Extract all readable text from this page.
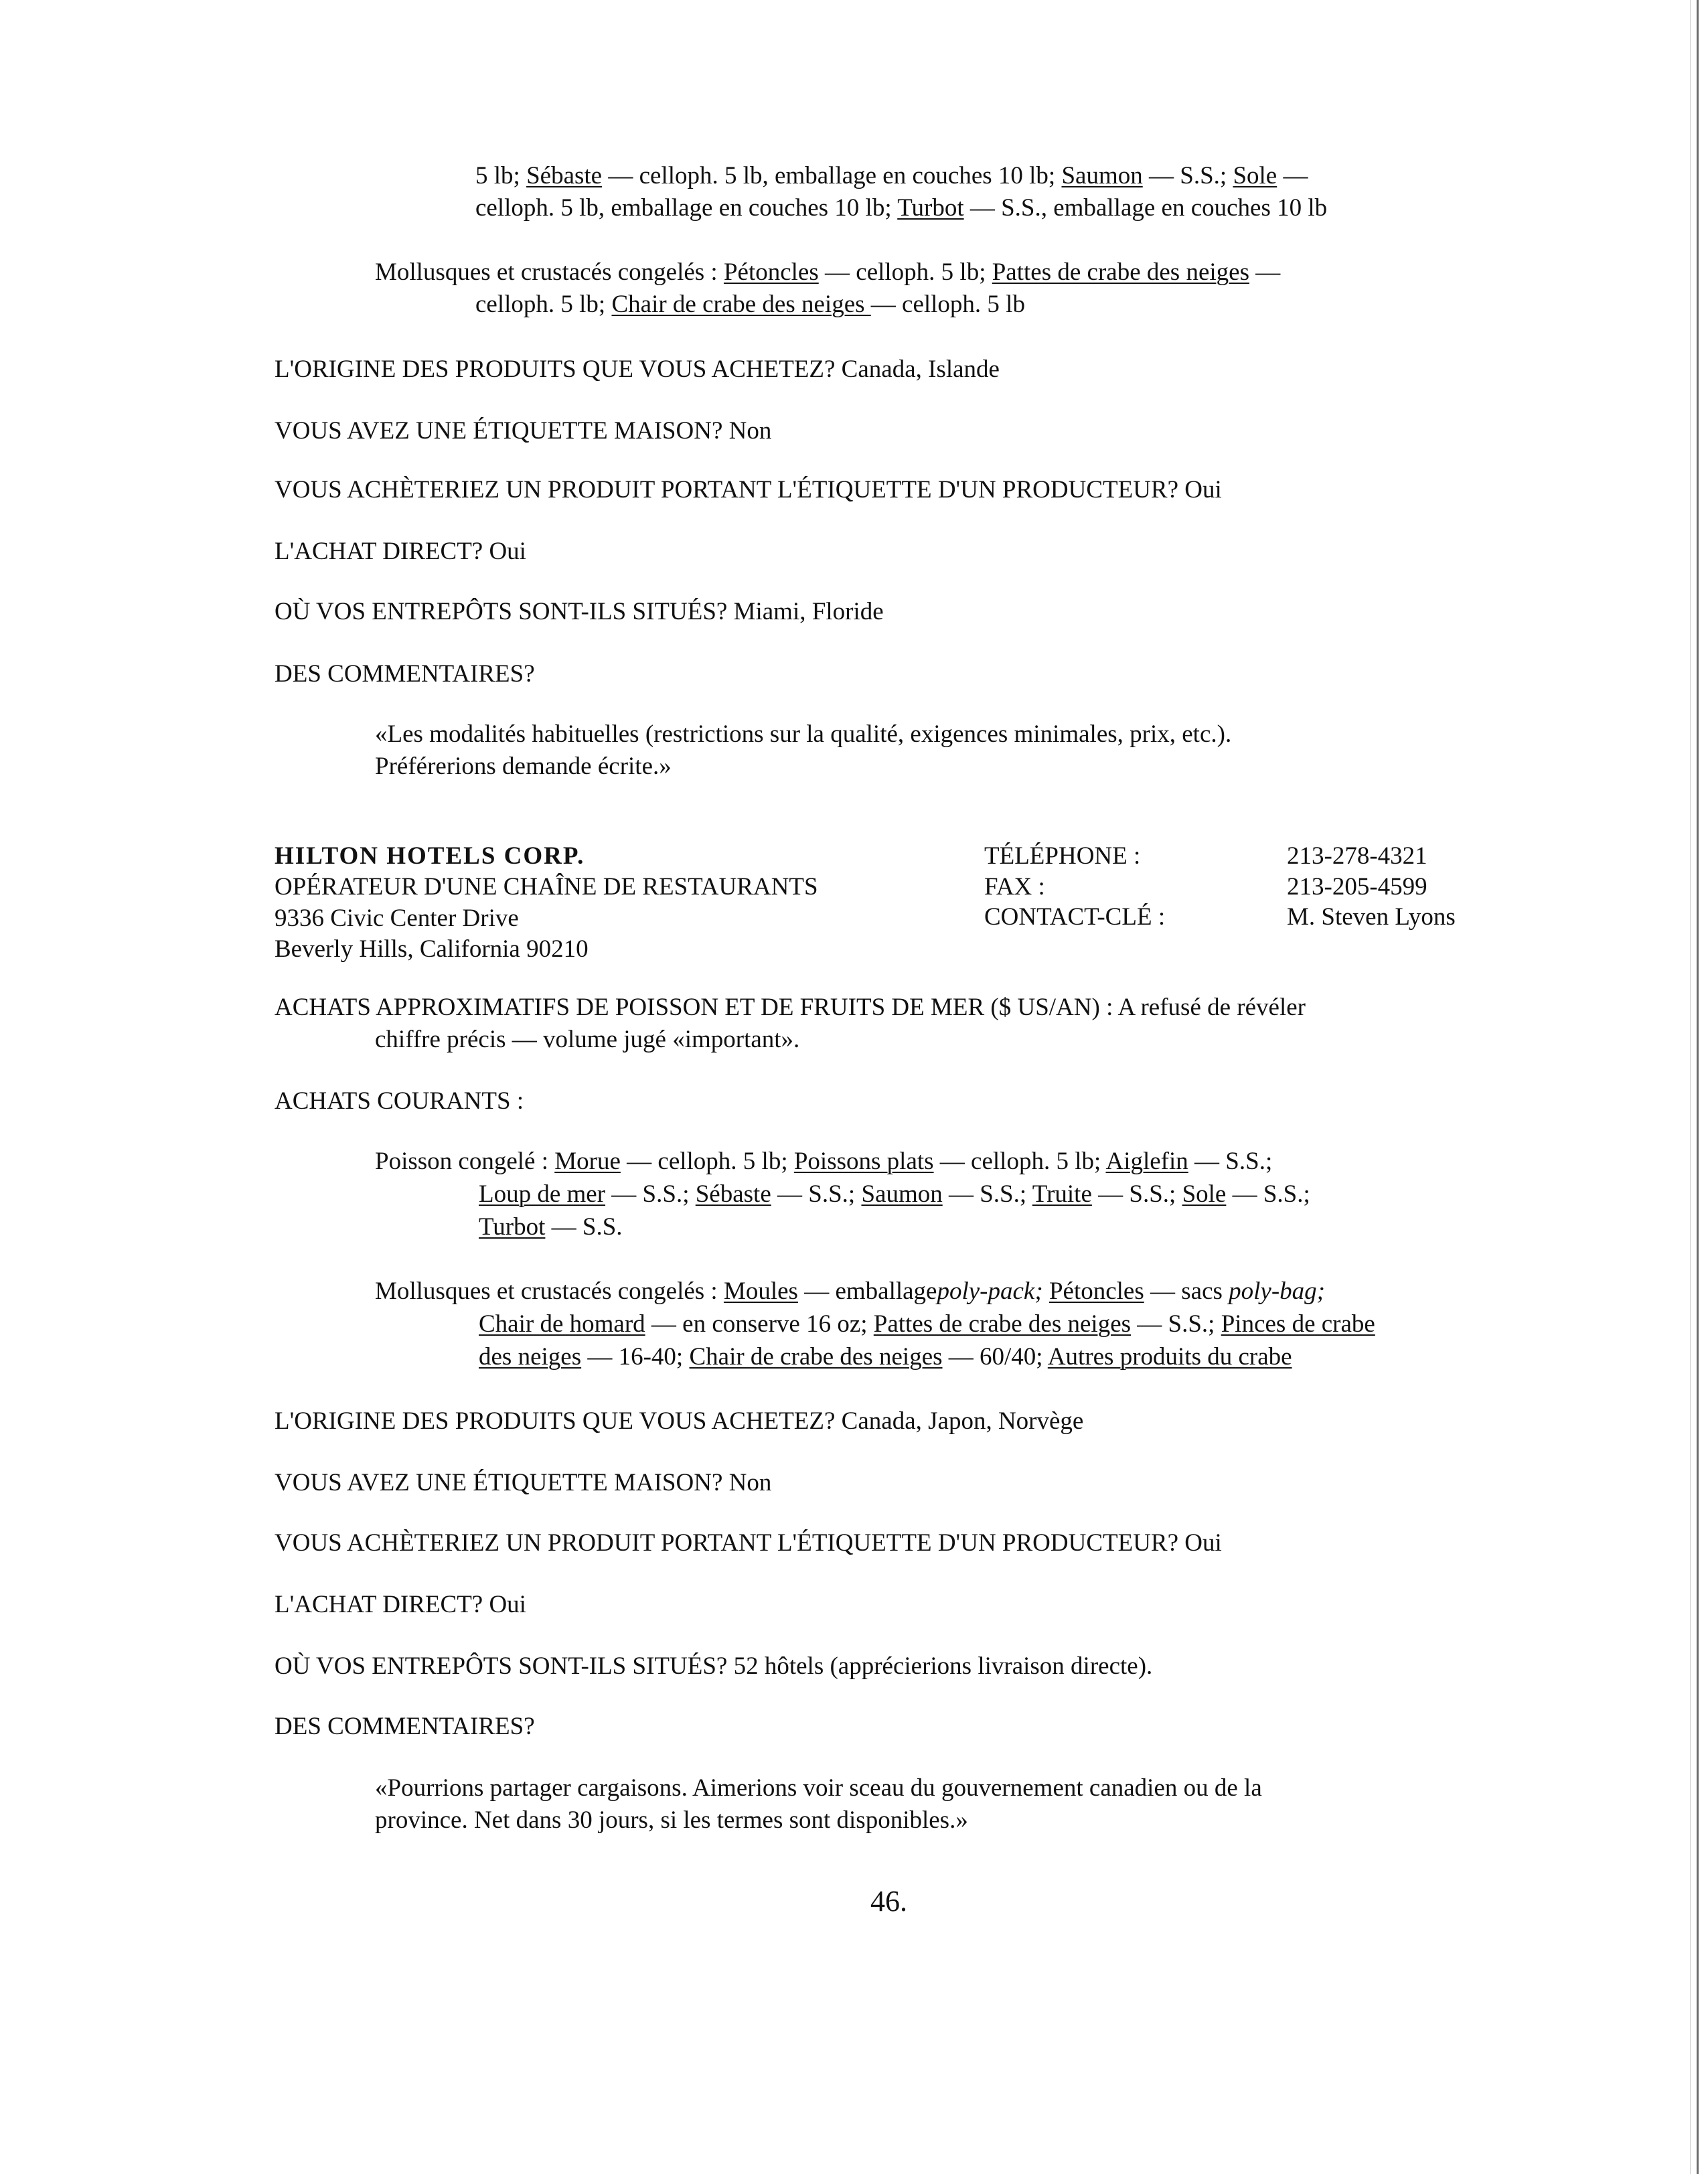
5 lb; Sébaste — celloph. 5 lb, emballage en couches 10 lb; Saumon — S.S.; Sole —
celloph. 5 lb, emballage en couches 10 lb; Turbot — S.S., emballage en couches 10 lb
Mollusques et crustacés congelés : Pétoncles — celloph. 5 lb; Pattes de crabe des neiges —
celloph. 5 lb; Chair de crabe des neiges — celloph. 5 lb
L'ORIGINE DES PRODUITS QUE VOUS ACHETEZ? Canada, Islande
VOUS AVEZ UNE ÉTIQUETTE MAISON? Non
VOUS ACHÈTERIEZ UN PRODUIT PORTANT L'ÉTIQUETTE D'UN PRODUCTEUR? Oui
L'ACHAT DIRECT? Oui
OÙ VOS ENTREPÔTS SONT-ILS SITUÉS? Miami, Floride
DES COMMENTAIRES?
«Les modalités habituelles (restrictions sur la qualité, exigences minimales, prix, etc.).
Préférerions demande écrite.»
HILTON HOTELS CORP.
OPÉRATEUR D'UNE CHAÎNE DE RESTAURANTS
9336 Civic Center Drive
Beverly Hills, California 90210
TÉLÉPHONE :	213-278-4321
FAX :	213-205-4599
CONTACT-CLÉ :	M. Steven Lyons
ACHATS APPROXIMATIFS DE POISSON ET DE FRUITS DE MER ($ US/AN) : A refusé de révéler
chiffre précis — volume jugé «important».
ACHATS COURANTS :
Poisson congelé : Morue — celloph. 5 lb; Poissons plats — celloph. 5 lb; Aiglefin — S.S.;
Loup de mer — S.S.; Sébaste — S.S.; Saumon — S.S.; Truite — S.S.; Sole — S.S.;
Turbot — S.S.
Mollusques et crustacés congelés : Moules — emballagepoly-pack; Pétoncles — sacs poly-bag;
Chair de homard — en conserve 16 oz; Pattes de crabe des neiges — S.S.; Pinces de crabe
des neiges — 16-40; Chair de crabe des neiges — 60/40; Autres produits du crabe
L'ORIGINE DES PRODUITS QUE VOUS ACHETEZ? Canada, Japon, Norvège
VOUS AVEZ UNE ÉTIQUETTE MAISON? Non
VOUS ACHÈTERIEZ UN PRODUIT PORTANT L'ÉTIQUETTE D'UN PRODUCTEUR? Oui
L'ACHAT DIRECT? Oui
OÙ VOS ENTREPÔTS SONT-ILS SITUÉS? 52 hôtels (apprécierions livraison directe).
DES COMMENTAIRES?
«Pourrions partager cargaisons. Aimerions voir sceau du gouvernement canadien ou de la
province. Net dans 30 jours, si les termes sont disponibles.»
46.
